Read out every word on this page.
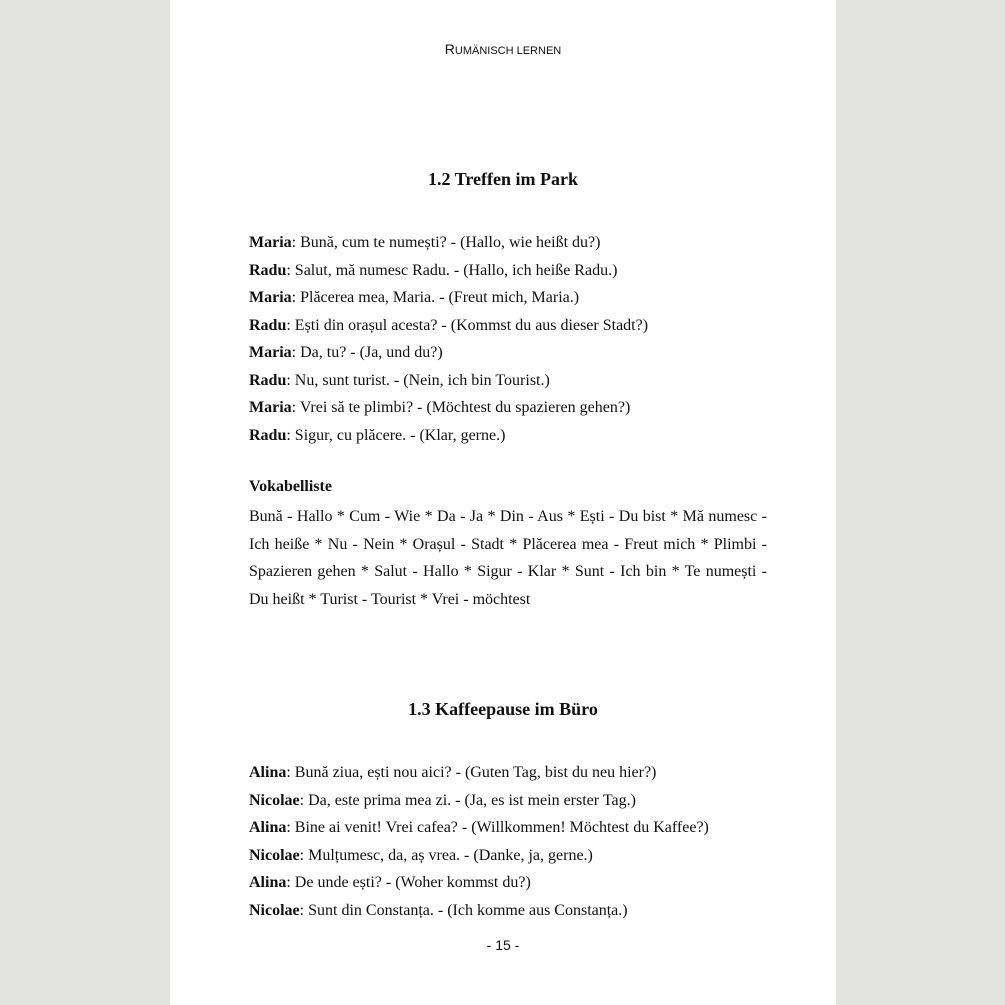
RUMÄNISCH LERNEN
1.2 Treffen im Park
Maria: Bună, cum te numești? - (Hallo, wie heißt du?)
Radu: Salut, mă numesc Radu. - (Hallo, ich heiße Radu.)
Maria: Plăcerea mea, Maria. - (Freut mich, Maria.)
Radu: Ești din orașul acesta? - (Kommst du aus dieser Stadt?)
Maria: Da, tu? - (Ja, und du?)
Radu: Nu, sunt turist. - (Nein, ich bin Tourist.)
Maria: Vrei să te plimbi? - (Möchtest du spazieren gehen?)
Radu: Sigur, cu plăcere. - (Klar, gerne.)
Vokabelliste

Bună - Hallo * Cum - Wie * Da - Ja * Din - Aus * Ești - Du bist * Mă numesc - Ich heiße * Nu - Nein * Orașul - Stadt * Plăcerea mea - Freut mich * Plimbi - Spazieren gehen * Salut - Hallo * Sigur - Klar * Sunt - Ich bin * Te numești - Du heißt * Turist - Tourist * Vrei - möchtest

1.3 Kaffeepause im Büro
Alina: Bună ziua, ești nou aici? - (Guten Tag, bist du neu hier?)
Nicolae: Da, este prima mea zi. - (Ja, es ist mein erster Tag.)
Alina: Bine ai venit! Vrei cafea? - (Willkommen! Möchtest du Kaffee?)
Nicolae: Mulțumesc, da, aș vrea. - (Danke, ja, gerne.)
Alina: De unde ești? - (Woher kommst du?)
Nicolae: Sunt din Constanța. - (Ich komme aus Constanța.)
- 15 -
